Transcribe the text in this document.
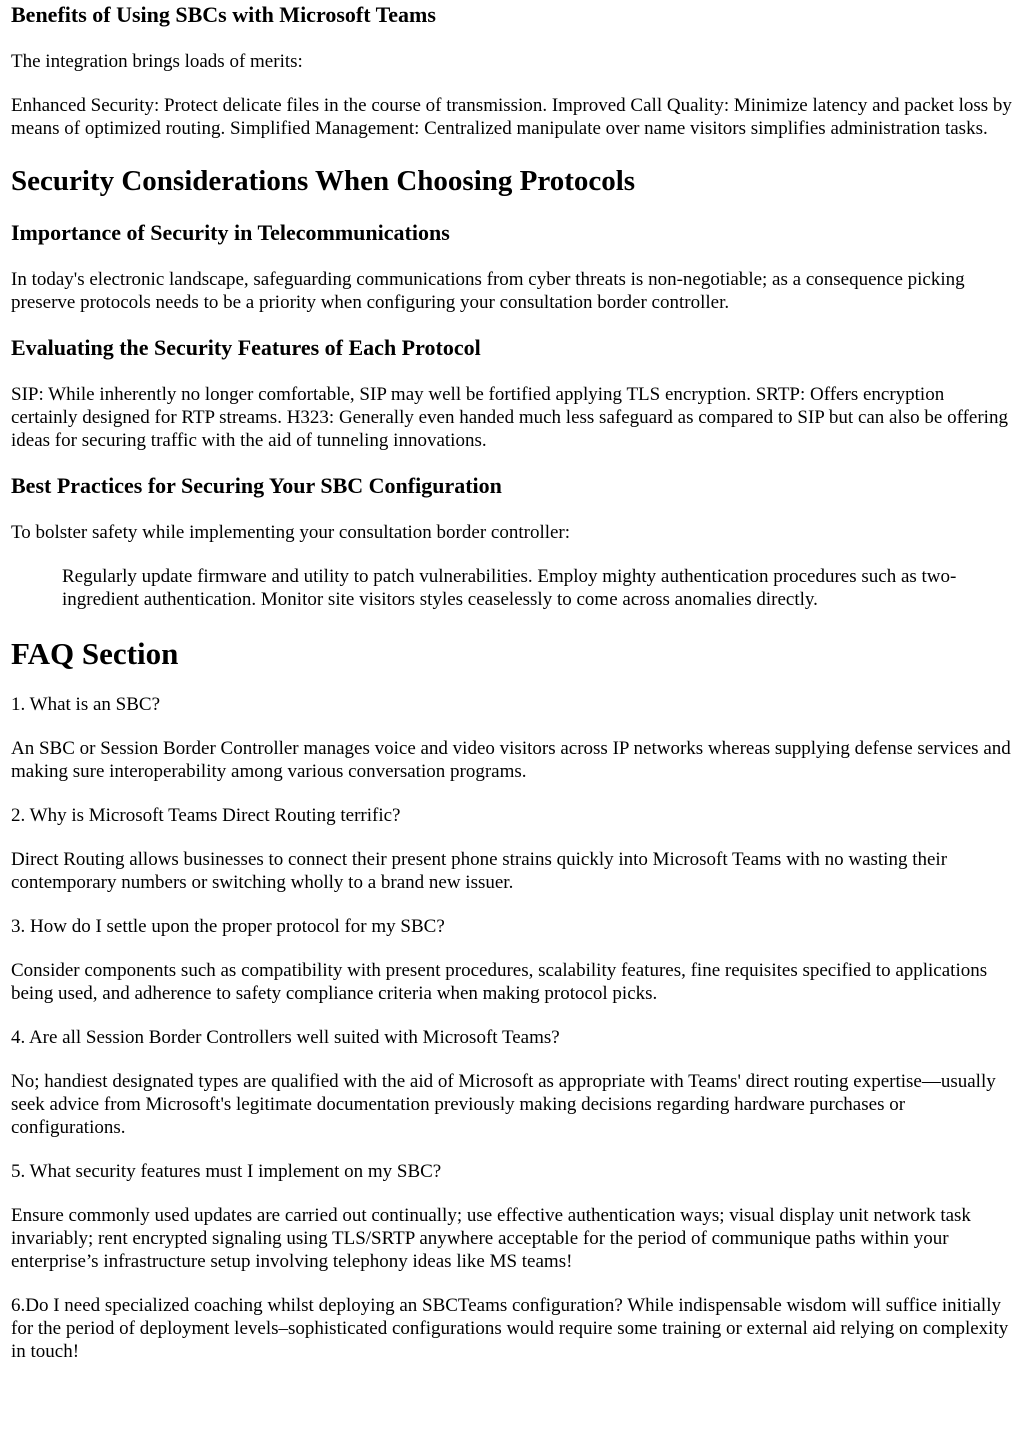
Benefits of Using SBCs with Microsoft Teams

The integration brings loads of merits:

Enhanced Security: Protect delicate files in the course of transmission. Improved Call Quality: Minimize latency and packet loss by means of optimized routing. Simplified Management: Centralized manipulate over name visitors simplifies administration tasks.

Security Considerations When Choosing Protocols
Importance of Security in Telecommunications

In today's electronic landscape, safeguarding communications from cyber threats is non-negotiable; as a consequence picking preserve protocols needs to be a priority when configuring your consultation border controller.

Evaluating the Security Features of Each Protocol

SIP: While inherently no longer comfortable, SIP may well be fortified applying TLS encryption. SRTP: Offers encryption certainly designed for RTP streams. H323: Generally even handed much less safeguard as compared to SIP but can also be offering ideas for securing traffic with the aid of tunneling innovations.

Best Practices for Securing Your SBC Configuration

To bolster safety while implementing your consultation border controller:

Regularly update firmware and utility to patch vulnerabilities. Employ mighty authentication procedures such as two-ingredient authentication. Monitor site visitors styles ceaselessly to come across anomalies directly.
FAQ Section

1. What is an SBC?

An SBC or Session Border Controller manages voice and video visitors across IP networks whereas supplying defense services and making sure interoperability among various conversation programs.

2. Why is Microsoft Teams Direct Routing terrific?

Direct Routing allows businesses to connect their present phone strains quickly into Microsoft Teams with no wasting their contemporary numbers or switching wholly to a brand new issuer.

3. How do I settle upon the proper protocol for my SBC?

Consider components such as compatibility with present procedures, scalability features, fine requisites specified to applications being used, and adherence to safety compliance criteria when making protocol picks.

4. Are all Session Border Controllers well suited with Microsoft Teams?

No; handiest designated types are qualified with the aid of Microsoft as appropriate with Teams' direct routing expertise—usually seek advice from Microsoft's legitimate documentation previously making decisions regarding hardware purchases or configurations.

5. What security features must I implement on my SBC?

Ensure commonly used updates are carried out continually; use effective authentication ways; visual display unit network task invariably; rent encrypted signaling using TLS/SRTP anywhere acceptable for the period of communique paths within your enterprise’s infrastructure setup involving telephony ideas like MS teams!

6.Do I need specialized coaching whilst deploying an SBCTeams configuration? While indispensable wisdom will suffice initially for the period of deployment levels–sophisticated configurations would require some training or external aid relying on complexity in touch!
